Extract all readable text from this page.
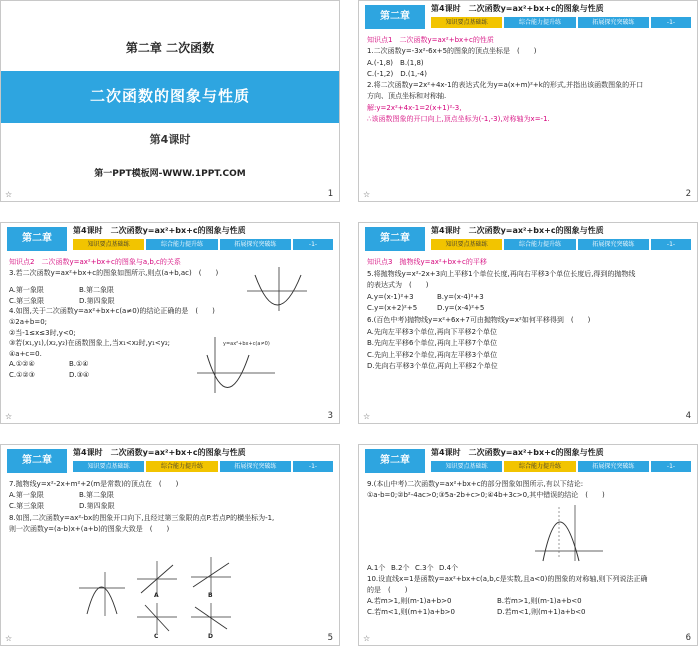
第二章 二次函数
二次函数的图象与性质
第4课时
第一PPT模板网-WWW.1PPT.COM
☆	1
第二章
第4课时　二次函数y=ax²+bx+c的图象与性质
知识要点基础练	综合能力提升练	拓展探究突破练	-1-
知识点1　二次函数y=ax²+bx+c的性质
1.二次函数y=-3x²-6x+5的图象的顶点坐标是　(　　)
A.(-1,8)　B.(1,8)
C.(-1,2)　D.(1,-4)
2.将二次函数y=2x²+4x-1的表达式化为y=a(x+m)²+k的形式,并指出该函数图象的开口
方向、顶点坐标和对称轴.
解:y=2x²+4x-1=2(x+1)²-3,
∴该函数图象的开口向上,顶点坐标为(-1,-3),对称轴为x=-1.
☆	2
第二章
第4课时　二次函数y=ax²+bx+c的图象与性质
知识要点基础练	综合能力提升练	拓展探究突破练	-1-
知识点2　二次函数y=ax²+bx+c的图象与a,b,c的关系
3.若二次函数y=ax²+bx+c的图象如图所示,则点(a+b,ac)　(　　)
A.第一象限	B.第二象限
C.第三象限	D.第四象限
4.如图,关于二次函数y=ax²+bx+c(a≠0)的结论正确的是　(　　)
①2a+b=0;
②当-1≤x≤3时,y<0;
③若(x₁,y₁),(x₂,y₂)在函数图象上,当x₁<x₂时,y₁<y₂;
④a+c=0.
A.①②④	B.①④
C.①②③	D.③④
y=ax²+bx+c(a≠0)
☆	3
第二章
第4课时　二次函数y=ax²+bx+c的图象与性质
知识要点基础练	综合能力提升练	拓展探究突破练	-1-
知识点3　抛物线y=ax²+bx+c的平移
5.将抛物线y=x²-2x+3向上平移1个单位长度,再向右平移3个单位长度后,得到的抛物线
的表达式为　(　　)
A.y=(x-1)²+3	B.y=(x-4)²+3
C.y=(x+2)²+5	D.y=(x-4)²+5
6.(百色中考)抛物线y=x²+6x+7可由抛物线y=x²如何平移得到　(　　)
A.先向左平移3个单位,再向下平移2个单位
B.先向左平移6个单位,再向上平移7个单位
C.先向上平移2个单位,再向左平移3个单位
D.先向右平移3个单位,再向上平移2个单位
☆	4
第二章
第4课时　二次函数y=ax²+bx+c的图象与性质
知识要点基础练	综合能力提升练	拓展探究突破练	-1-
7.抛物线y=x²-2x+m²+2(m是常数)的顶点在　(　　)
A.第一象限	B.第二象限
C.第三象限	D.第四象限
8.如图,二次函数y=ax²-bx的图象开口向下,且经过第三象限的点P.若点P的横坐标为-1,
则一次函数y=(a-b)x+(a+b)的图象大致是　(　　)
A	B
C	D
☆	5
第二章
第4课时　二次函数y=ax²+bx+c的图象与性质
知识要点基础练	综合能力提升练	拓展探究突破练	-1-
9.(本山中考)二次函数y=ax²+bx+c的部分图象如图所示,有以下结论:
①a-b=0;②b²-4ac>0;③5a-2b+c>0;④4b+3c>0,其中错误的结论　(　　)
A.1个 B.2个 C.3个 D.4个
10.设直线x=1是函数y=ax²+bx+c(a,b,c是实数,且a<0)的图象的对称轴,则下列说法正确
的是　(　　)
A.若m>1,则(m-1)a+b>0	B.若m>1,则(m-1)a+b<0
C.若m<1,则(m+1)a+b>0	D.若m<1,则(m+1)a+b<0
☆	6
